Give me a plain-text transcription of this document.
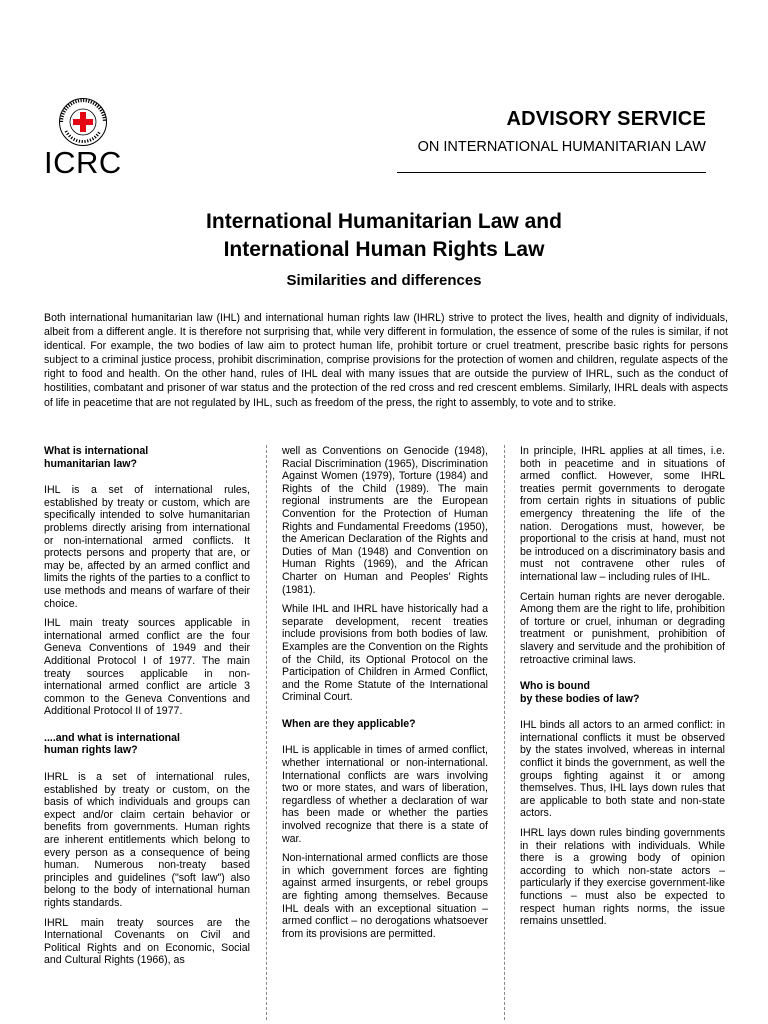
ICRC
ADVISORY SERVICE
ON INTERNATIONAL HUMANITARIAN LAW
International Humanitarian Law and
International Human Rights Law
Similarities and differences
Both international humanitarian law (IHL) and international human rights law (IHRL) strive to protect the lives, health and dignity of individuals, albeit from a different angle. It is therefore not surprising that, while very different in formulation, the essence of some of the rules is similar, if not identical. For example, the two bodies of law aim to protect human life, prohibit torture or cruel treatment, prescribe basic rights for persons subject to a criminal justice process, prohibit discrimination, comprise provisions for the protection of women and children, regulate aspects of the right to food and health. On the other hand, rules of IHL deal with many issues that are outside the purview of IHRL, such as the conduct of hostilities, combatant and prisoner of war status and the protection of the red cross and red crescent emblems. Similarly, IHRL deals with aspects of life in peacetime that are not regulated by IHL, such as freedom of the press, the right to assembly, to vote and to strike.
What is international
humanitarian law?

IHL is a set of international rules, established by treaty or custom, which are specifically intended to solve humanitarian problems directly arising from international or non-international armed conflicts. It protects persons and property that are, or may be, affected by an armed conflict and limits the rights of the parties to a conflict to use methods and means of warfare of their choice.

IHL main treaty sources applicable in international armed conflict are the four Geneva Conventions of 1949 and their Additional Protocol I of 1977. The main treaty sources applicable in non-international armed conflict are article 3 common to the Geneva Conventions and Additional Protocol II of 1977.

....and what is international
human rights law?

IHRL is a set of international rules, established by treaty or custom, on the basis of which individuals and groups can expect and/or claim certain behavior or benefits from governments. Human rights are inherent entitlements which belong to every person as a consequence of being human. Numerous non-treaty based principles and guidelines ("soft law") also belong to the body of international human rights standards.

IHRL main treaty sources are the International Covenants on Civil and Political Rights and on Economic, Social and Cultural Rights (1966), as

well as Conventions on Genocide (1948), Racial Discrimination (1965), Discrimination Against Women (1979), Torture (1984) and Rights of the Child (1989). The main regional instruments are the European Convention for the Protection of Human Rights and Fundamental Freedoms (1950), the American Declaration of the Rights and Duties of Man (1948) and Convention on Human Rights (1969), and the African Charter on Human and Peoples' Rights (1981).

While IHL and IHRL have historically had a separate development, recent treaties include provisions from both bodies of law. Examples are the Convention on the Rights of the Child, its Optional Protocol on the Participation of Children in Armed Conflict, and the Rome Statute of the International Criminal Court.

When are they applicable?

IHL is applicable in times of armed conflict, whether international or non-international. International conflicts are wars involving two or more states, and wars of liberation, regardless of whether a declaration of war has been made or whether the parties involved recognize that there is a state of war.

Non-international armed conflicts are those in which government forces are fighting against armed insurgents, or rebel groups are fighting among themselves. Because IHL deals with an exceptional situation – armed conflict – no derogations whatsoever from its provisions are permitted.

In principle, IHRL applies at all times, i.e. both in peacetime and in situations of armed conflict. However, some IHRL treaties permit governments to derogate from certain rights in situations of public emergency threatening the life of the nation. Derogations must, however, be proportional to the crisis at hand, must not be introduced on a discriminatory basis and must not contravene other rules of international law – including rules of IHL.

Certain human rights are never derogable. Among them are the right to life, prohibition of torture or cruel, inhuman or degrading treatment or punishment, prohibition of slavery and servitude and the prohibition of retroactive criminal laws.

Who is bound
by these bodies of law?

IHL binds all actors to an armed conflict: in international conflicts it must be observed by the states involved, whereas in internal conflict it binds the government, as well the groups fighting against it or among themselves. Thus, IHL lays down rules that are applicable to both state and non-state actors.

IHRL lays down rules binding governments in their relations with individuals. While there is a growing body of opinion according to which non-state actors – particularly if they exercise government-like functions – must also be expected to respect human rights norms, the issue remains unsettled.
